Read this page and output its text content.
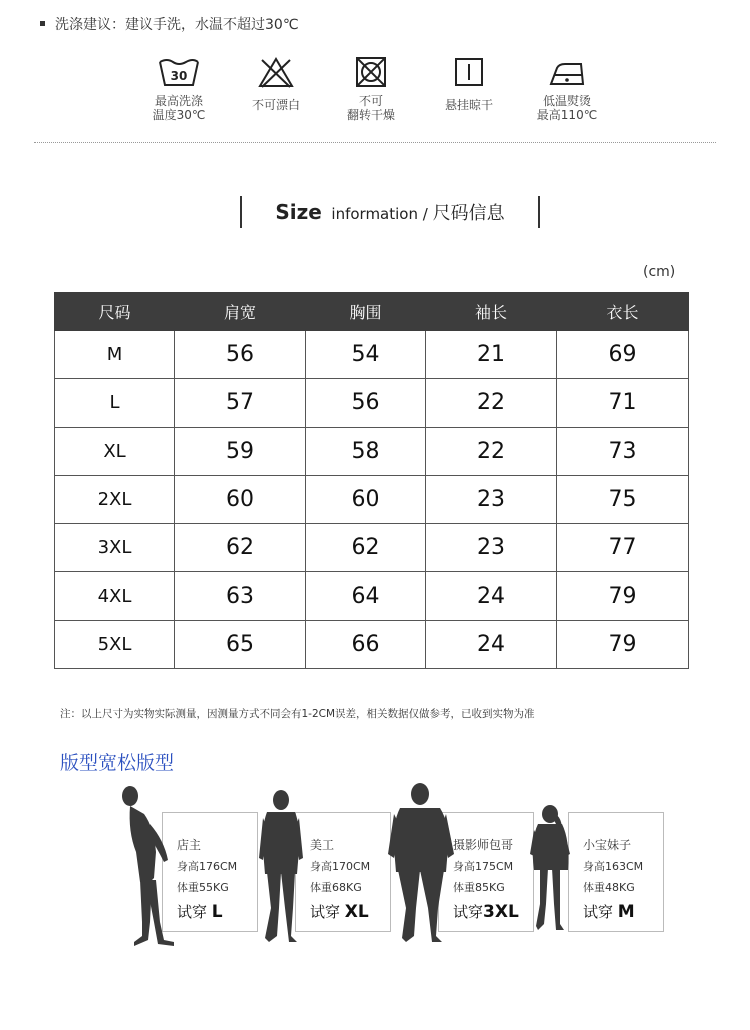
洗涤建议：建议手洗，水温不超过30℃
30
最高洗涤
温度30℃
不可漂白	不可
翻转干燥
悬挂晾干	低温熨烫
最高110℃
Size information / 尺码信息
(cm)
尺码	肩宽	胸围	袖长	衣长
M	56	54	21	69
L	57	56	22	71
XL	59	58	22	73
2XL	60	60	23	75
3XL	62	62	23	77
4XL	63	64	24	79
5XL	65	66	24	79
注：以上尺寸为实物实际测量，因测量方式不同会有1-2CM误差，相关数据仅做参考，已收到实物为准
版型宽松版型
店主
身高176CM
体重55KG
试穿 L
美工
身高170CM
体重68KG
试穿 XL
摄影师包哥
身高175CM
体重85KG
试穿3XL
小宝妹子
身高163CM
体重48KG
试穿 M
